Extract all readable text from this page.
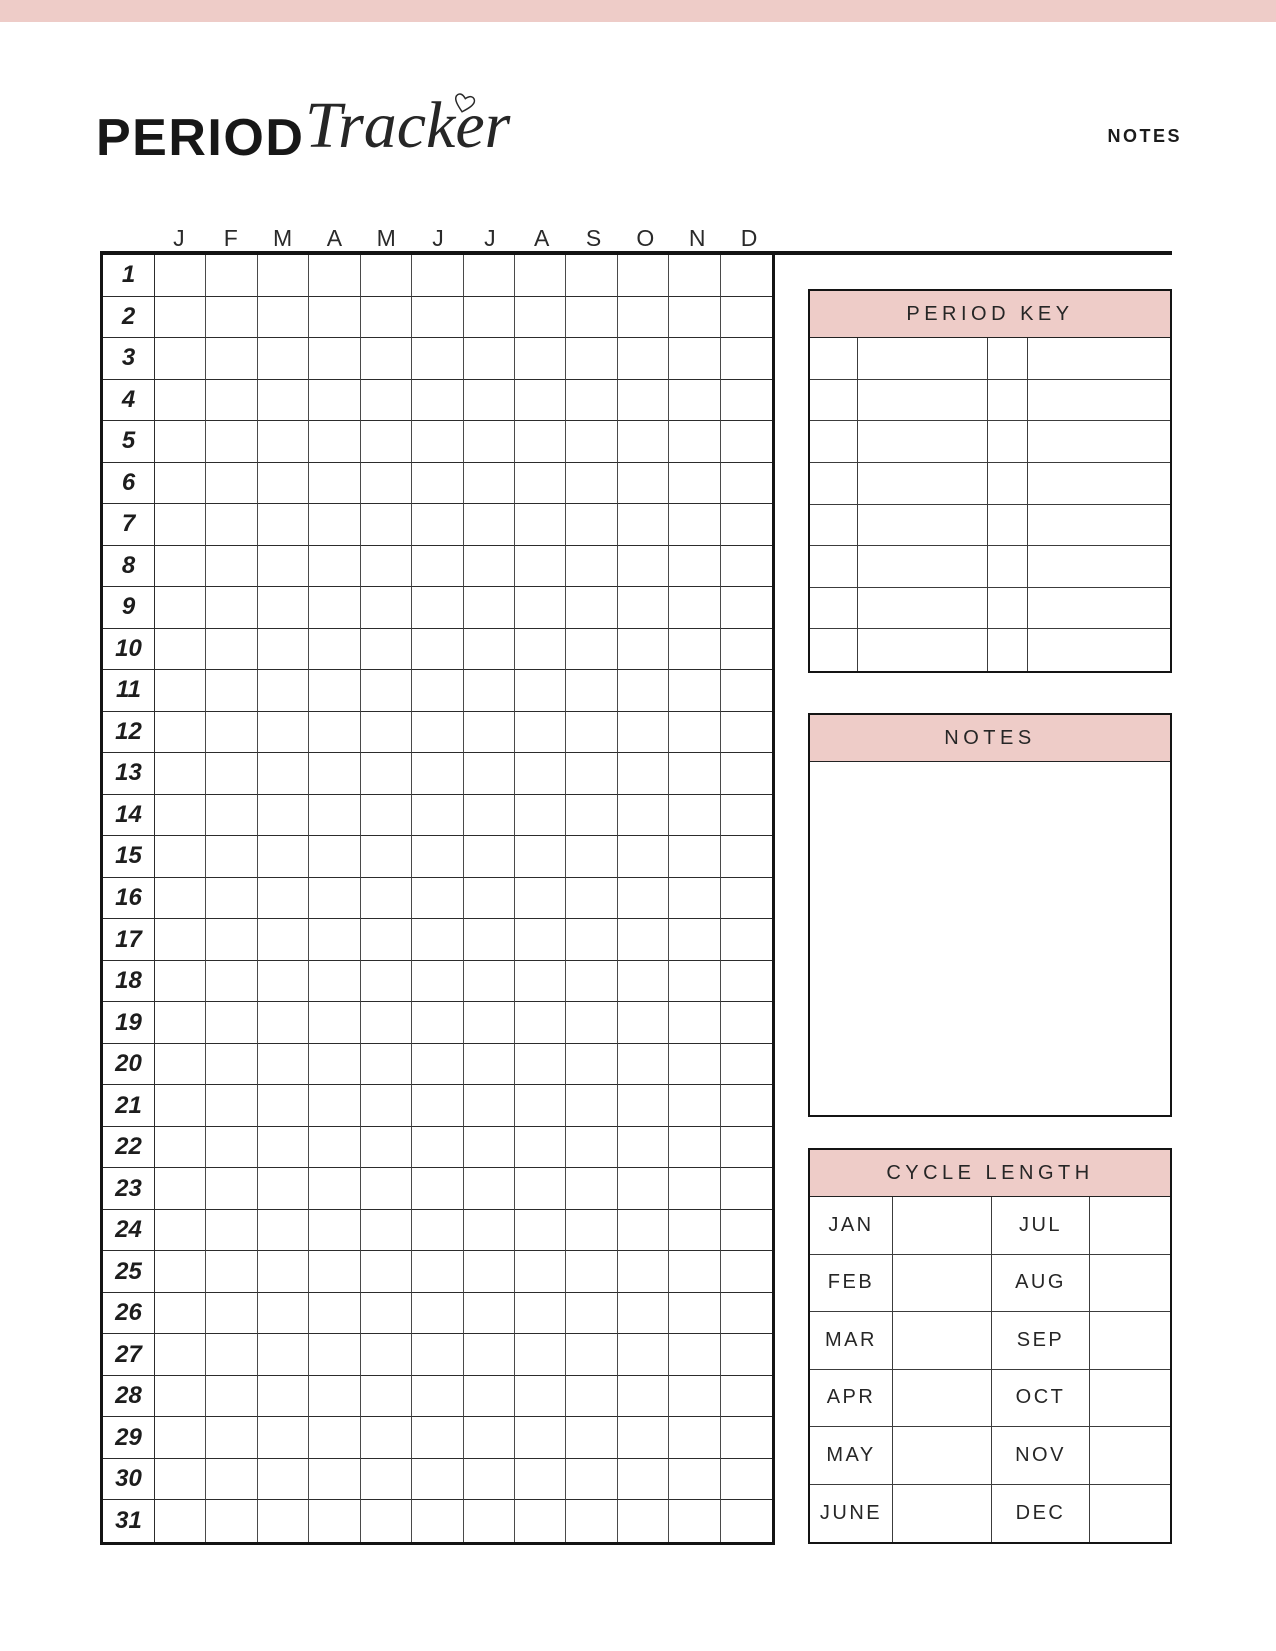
PERIOD Tracker	NOTES
J	F	M	A	M	J	J	A	S	O	N	D
1
2
3
4
5
6
7
8
9
10
11
12
13
14
15
16
17
18
19
20
21
22
23
24
25
26
27
28
29
30
31
PERIOD KEY
NOTES
CYCLE LENGTH
JAN	JUL
FEB	AUG
MAR	SEP
APR	OCT
MAY	NOV
JUNE	DEC
